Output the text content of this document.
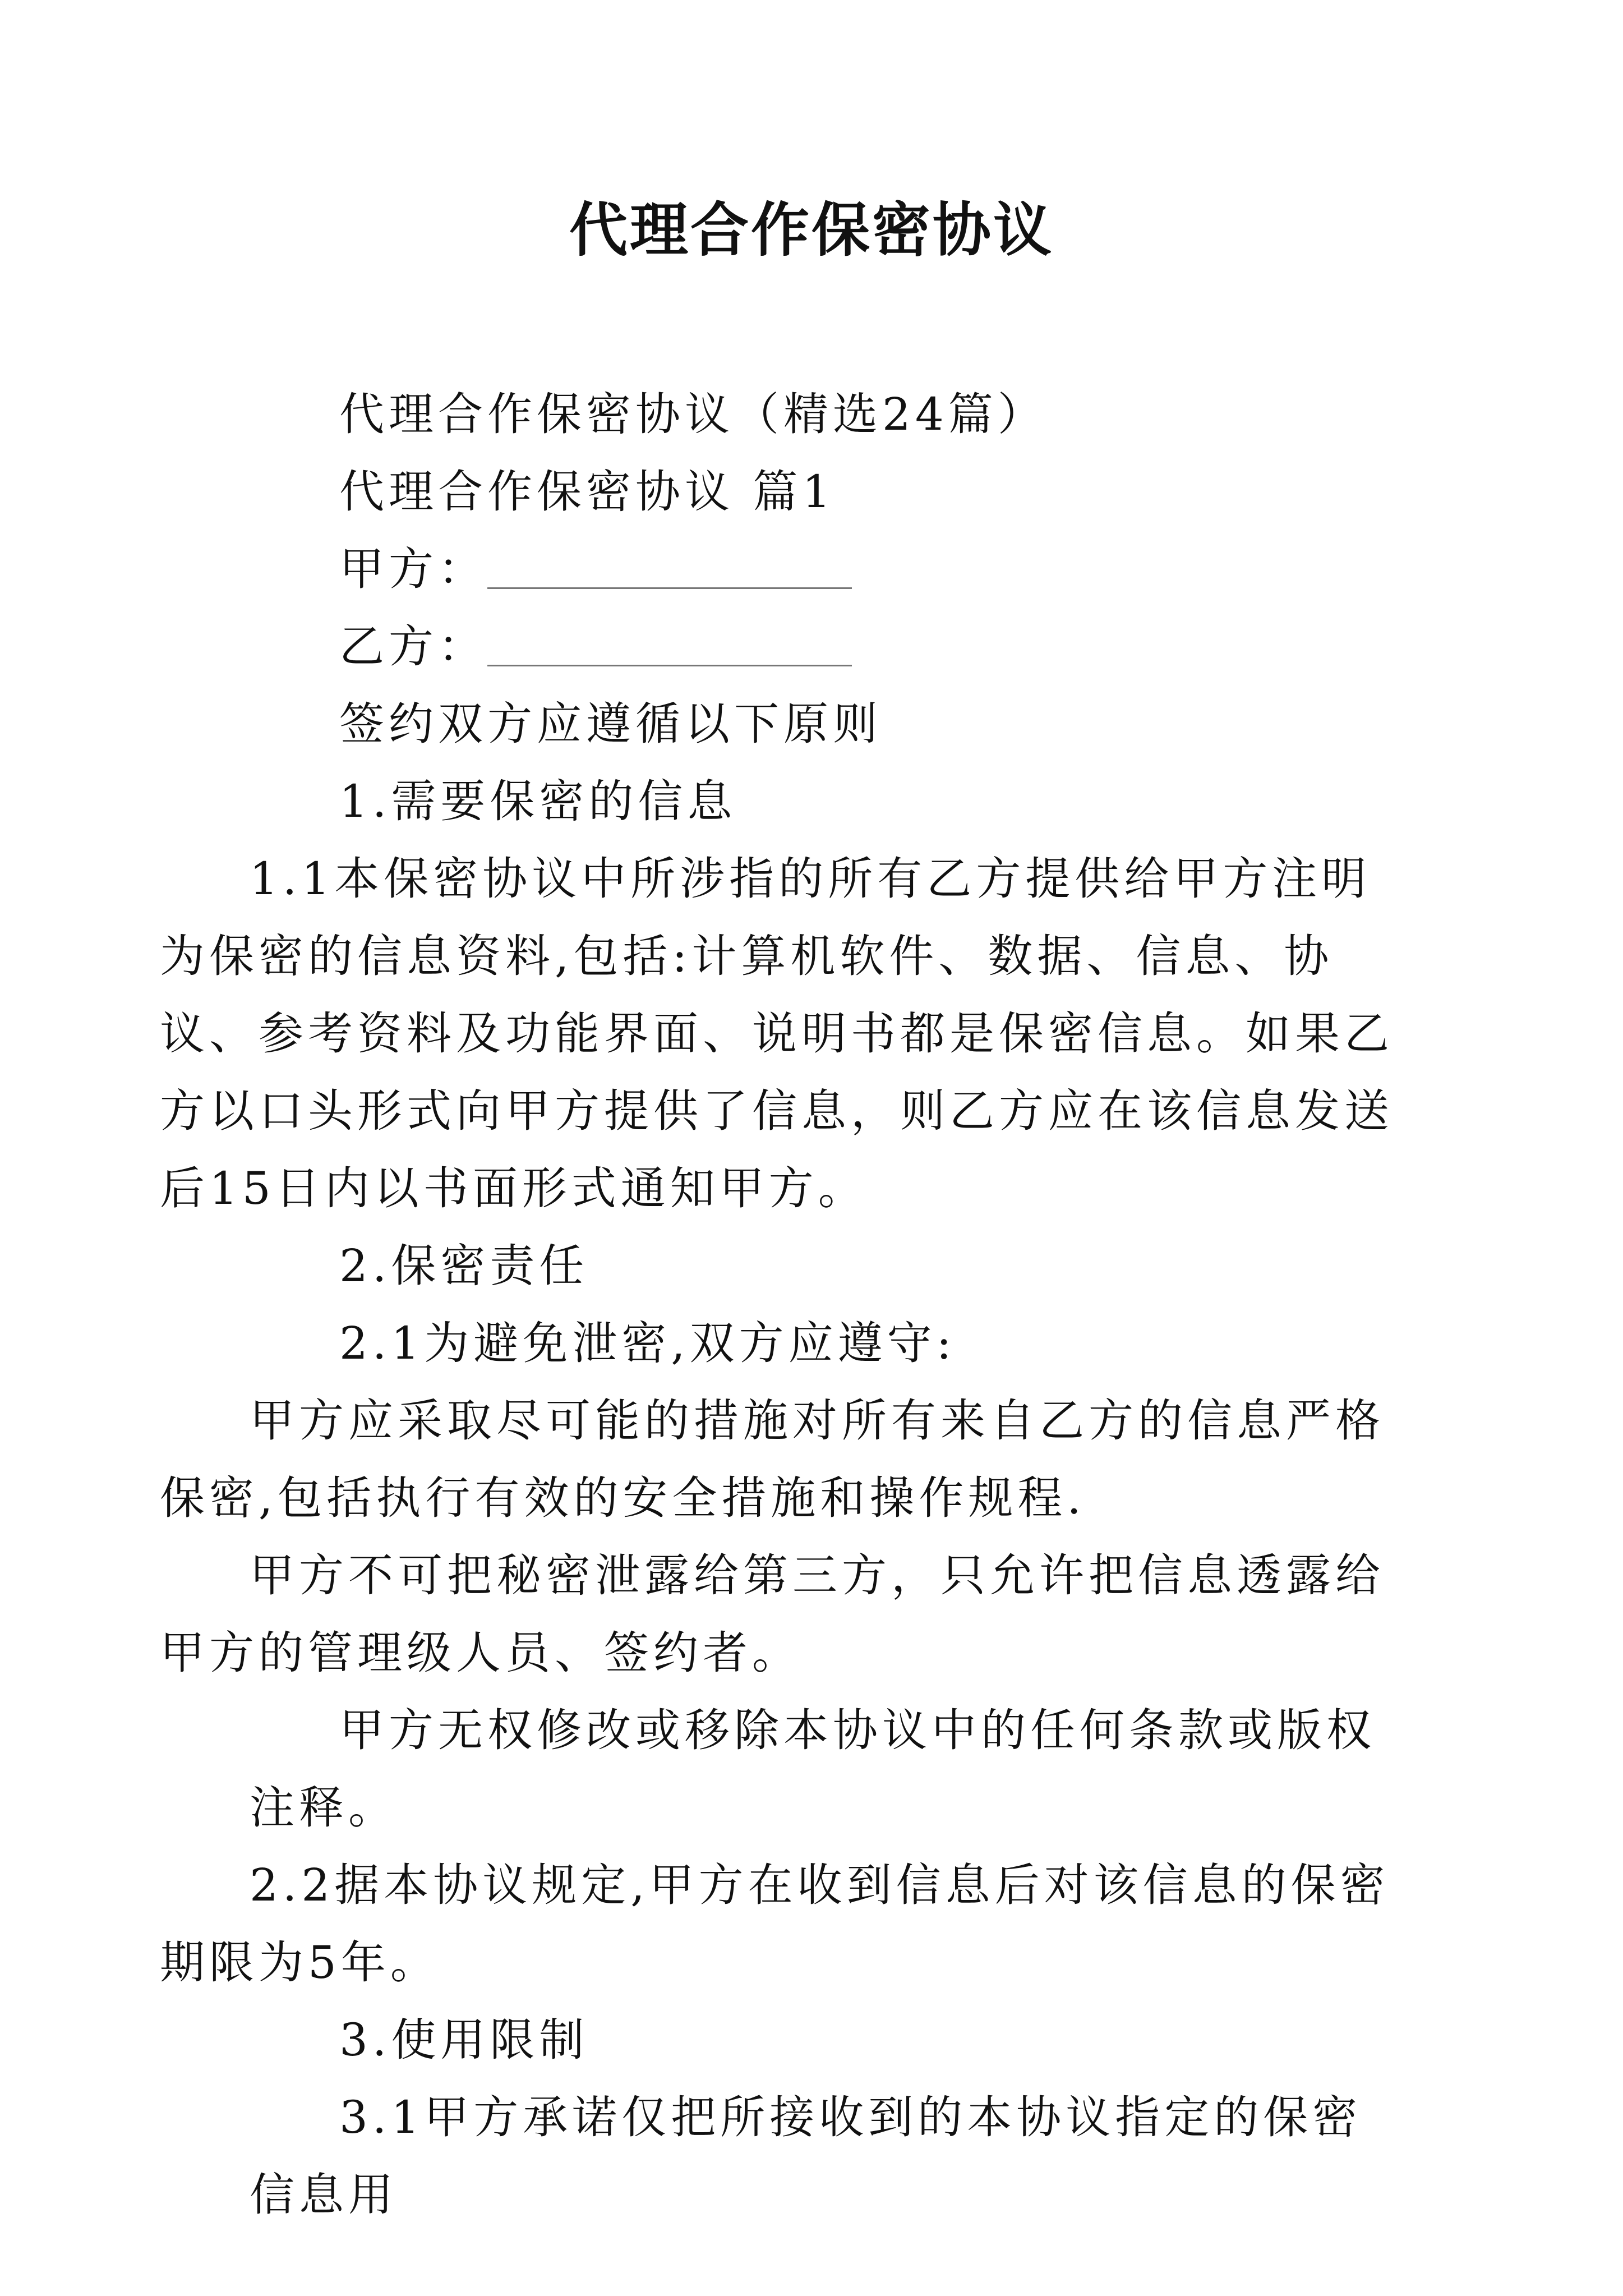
代理合作保密协议

代理合作保密协议（精选24篇）

代理合作保密协议 篇1

甲方：

乙方：

签约双方应遵循以下原则

1.需要保密的信息

1.1本保密协议中所涉指的所有乙方提供给甲方注明为保密的信息资料,包括:计算机软件、数据、信息、协议、参考资料及功能界面、说明书都是保密信息。如果乙方以口头形式向甲方提供了信息，则乙方应在该信息发送后15日内以书面形式通知甲方。

2.保密责任

2.1为避免泄密,双方应遵守:

甲方应采取尽可能的措施对所有来自乙方的信息严格保密,包括执行有效的安全措施和操作规程.

甲方不可把秘密泄露给第三方，只允许把信息透露给甲方的管理级人员、签约者。

甲方无权修改或移除本协议中的任何条款或版权注释。

2.2据本协议规定,甲方在收到信息后对该信息的保密期限为5年。

3.使用限制

3.1甲方承诺仅把所接收到的本协议指定的保密信息用
